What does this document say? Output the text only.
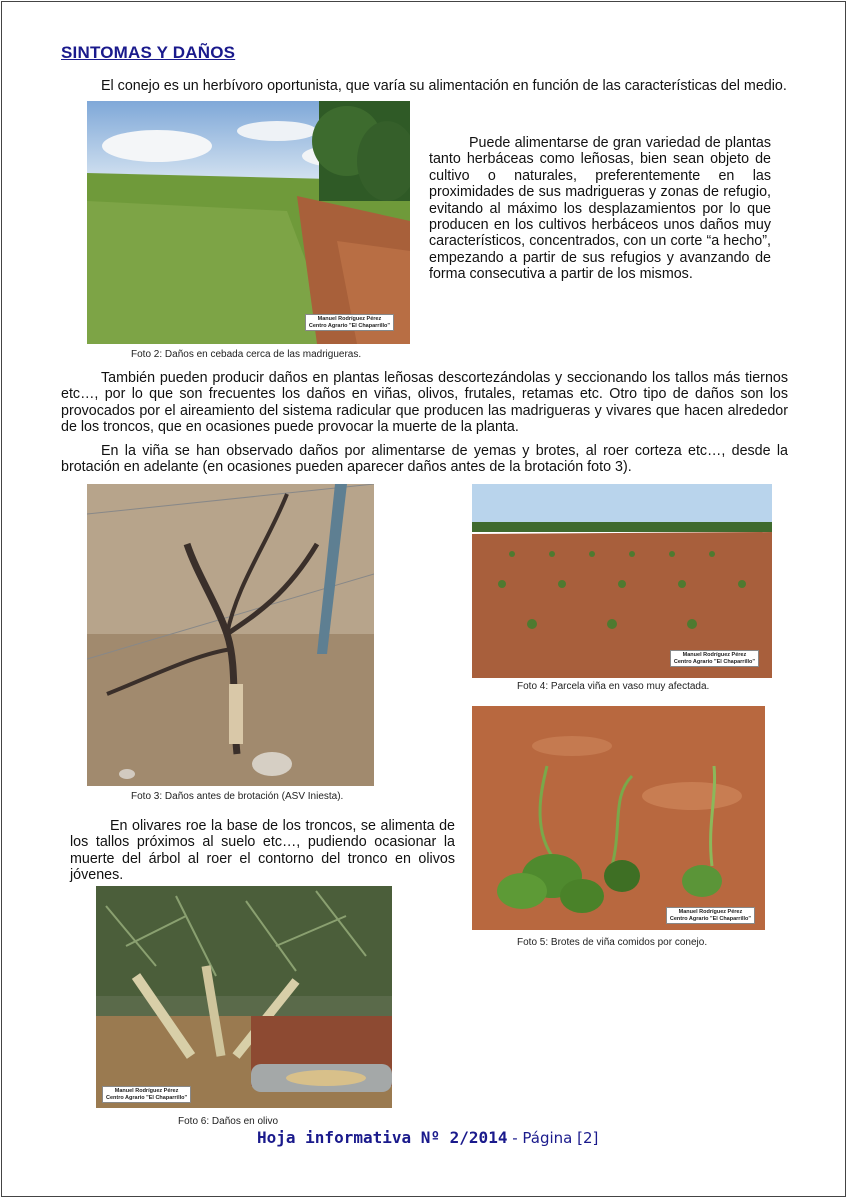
SINTOMAS Y DAÑOS

El conejo es un herbívoro oportunista, que varía su alimentación en función de las características del medio.

Manuel Rodríguez Pérez
Centro Agrario "El Chaparrillo"

Puede alimentarse de gran variedad de plantas tanto herbáceas como leñosas, bien sean objeto de cultivo o naturales, preferentemente en las proximidades de sus madrigueras y zonas de refugio, evitando al máximo los desplazamientos por lo que producen en los cultivos herbáceos unos daños muy característicos, concentrados, con un corte “a hecho”, empezando a partir de sus refugios y avanzando de forma consecutiva a partir de los mismos.

Foto 2: Daños en cebada cerca de las madrigueras.

También pueden producir daños en plantas leñosas descortezándolas y seccionando los tallos más tiernos etc…, por lo que son frecuentes los daños en viñas, olivos, frutales, retamas etc. Otro tipo de daños son los provocados por el aireamiento del sistema radicular que producen las madrigueras y vivares que hacen alrededor de los troncos, que en ocasiones puede provocar la muerte de la planta.

En la viña se han observado daños por alimentarse de yemas y brotes, al roer corteza etc…, desde la brotación en adelante (en ocasiones pueden aparecer daños antes de la brotación foto 3).

Foto 3: Daños antes de brotación (ASV Iniesta).
Manuel Rodríguez Pérez
Centro Agrario "El Chaparrillo"
Foto 4: Parcela viña en vaso muy afectada.
Manuel Rodríguez Pérez
Centro Agrario "El Chaparrillo"
Foto 5: Brotes de viña comidos por conejo.

En olivares roe la base de los troncos, se alimenta de los tallos próximos al suelo etc…, pudiendo ocasionar la muerte del árbol al roer el contorno del tronco en olivos jóvenes.

Manuel Rodríguez Pérez
Centro Agrario "El Chaparrillo"
Foto 6: Daños en olivo
Hoja informativa Nº 2/2014 - Página [2]
